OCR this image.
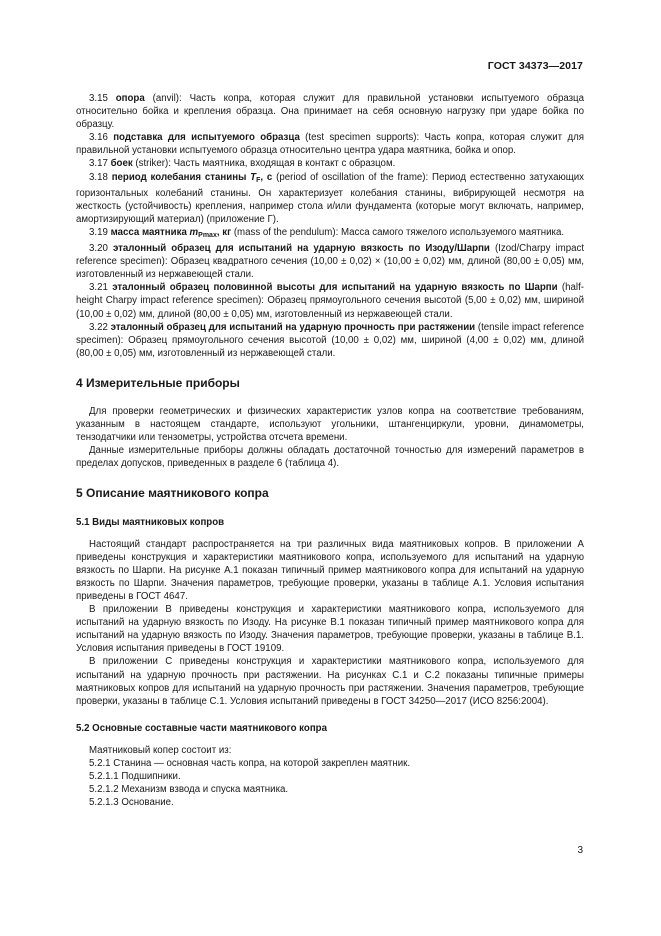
ГОСТ 34373—2017

3.15 опора (anvil): Часть копра, которая служит для правильной установки испытуемого образца относительно бойка и крепления образца. Она принимает на себя основную нагрузку при ударе бойка по образцу.

3.16 подставка для испытуемого образца (test specimen supports): Часть копра, которая служит для правильной установки испытуемого образца относительно центра удара маятника, бойка и опор.

3.17 боек (striker): Часть маятника, входящая в контакт с образцом.

3.18 период колебания станины $T_F$, с (period of oscillation of the frame): Период естественно затухающих горизонтальных колебаний станины. Он характеризует колебания станины, вибрирующей несмотря на жесткость (устойчивость) крепления, например стола и/или фундамента (которые могут включать, например, амортизирующий материал) (приложение Г).

3.19 масса маятника $m_{Pmax}$, кг (mass of the pendulum): Масса самого тяжелого используемого маятника.

3.20 эталонный образец для испытаний на ударную вязкость по Изоду/Шарпи (Izod/Charpy impact reference specimen): Образец квадратного сечения (10,00 ± 0,02) × (10,00 ± 0,02) мм, длиной (80,00 ± 0,05) мм, изготовленный из нержавеющей стали.

3.21 эталонный образец половинной высоты для испытаний на ударную вязкость по Шарпи (half-height Charpy impact reference specimen): Образец прямоугольного сечения высотой (5,00 ± 0,02) мм, шириной (10,00 ± 0,02) мм, длиной (80,00 ± 0,05) мм, изготовленный из нержавеющей стали.

3.22 эталонный образец для испытаний на ударную прочность при растяжении (tensile impact reference specimen): Образец прямоугольного сечения высотой (10,00 ± 0,02) мм, шириной (4,00 ± 0,02) мм, длиной (80,00 ± 0,05) мм, изготовленный из нержавеющей стали.

4 Измерительные приборы

Для проверки геометрических и физических характеристик узлов копра на соответствие требованиям, указанным в настоящем стандарте, используют угольники, штангенциркули, уровни, динамометры, тензодатчики или тензометры, устройства отсчета времени.

Данные измерительные приборы должны обладать достаточной точностью для измерений параметров в пределах допусков, приведенных в разделе 6 (таблица 4).

5 Описание маятникового копра
5.1 Виды маятниковых копров

Настоящий стандарт распространяется на три различных вида маятниковых копров. В приложении А приведены конструкция и характеристики маятникового копра, используемого для испытаний на ударную вязкость по Шарпи. На рисунке А.1 показан типичный пример маятникового копра для испытаний на ударную вязкость по Шарпи. Значения параметров, требующие проверки, указаны в таблице А.1. Условия испытания приведены в ГОСТ 4647.

В приложении В приведены конструкция и характеристики маятникового копра, используемого для испытаний на ударную вязкость по Изоду. На рисунке В.1 показан типичный пример маятникового копра для испытаний на ударную вязкость по Изоду. Значения параметров, требующие проверки, указаны в таблице В.1. Условия испытания приведены в ГОСТ 19109.

В приложении С приведены конструкция и характеристики маятникового копра, используемого для испытаний на ударную прочность при растяжении. На рисунках С.1 и С.2 показаны типичные примеры маятниковых копров для испытаний на ударную прочность при растяжении. Значения параметров, требующие проверки, указаны в таблице С.1. Условия испытаний приведены в ГОСТ 34250—2017 (ИСО 8256:2004).

5.2 Основные составные части маятникового копра

Маятниковый копер состоит из:

5.2.1 Станина — основная часть копра, на которой закреплен маятник.

5.2.1.1 Подшипники.

5.2.1.2 Механизм взвода и спуска маятника.

5.2.1.3 Основание.

3
